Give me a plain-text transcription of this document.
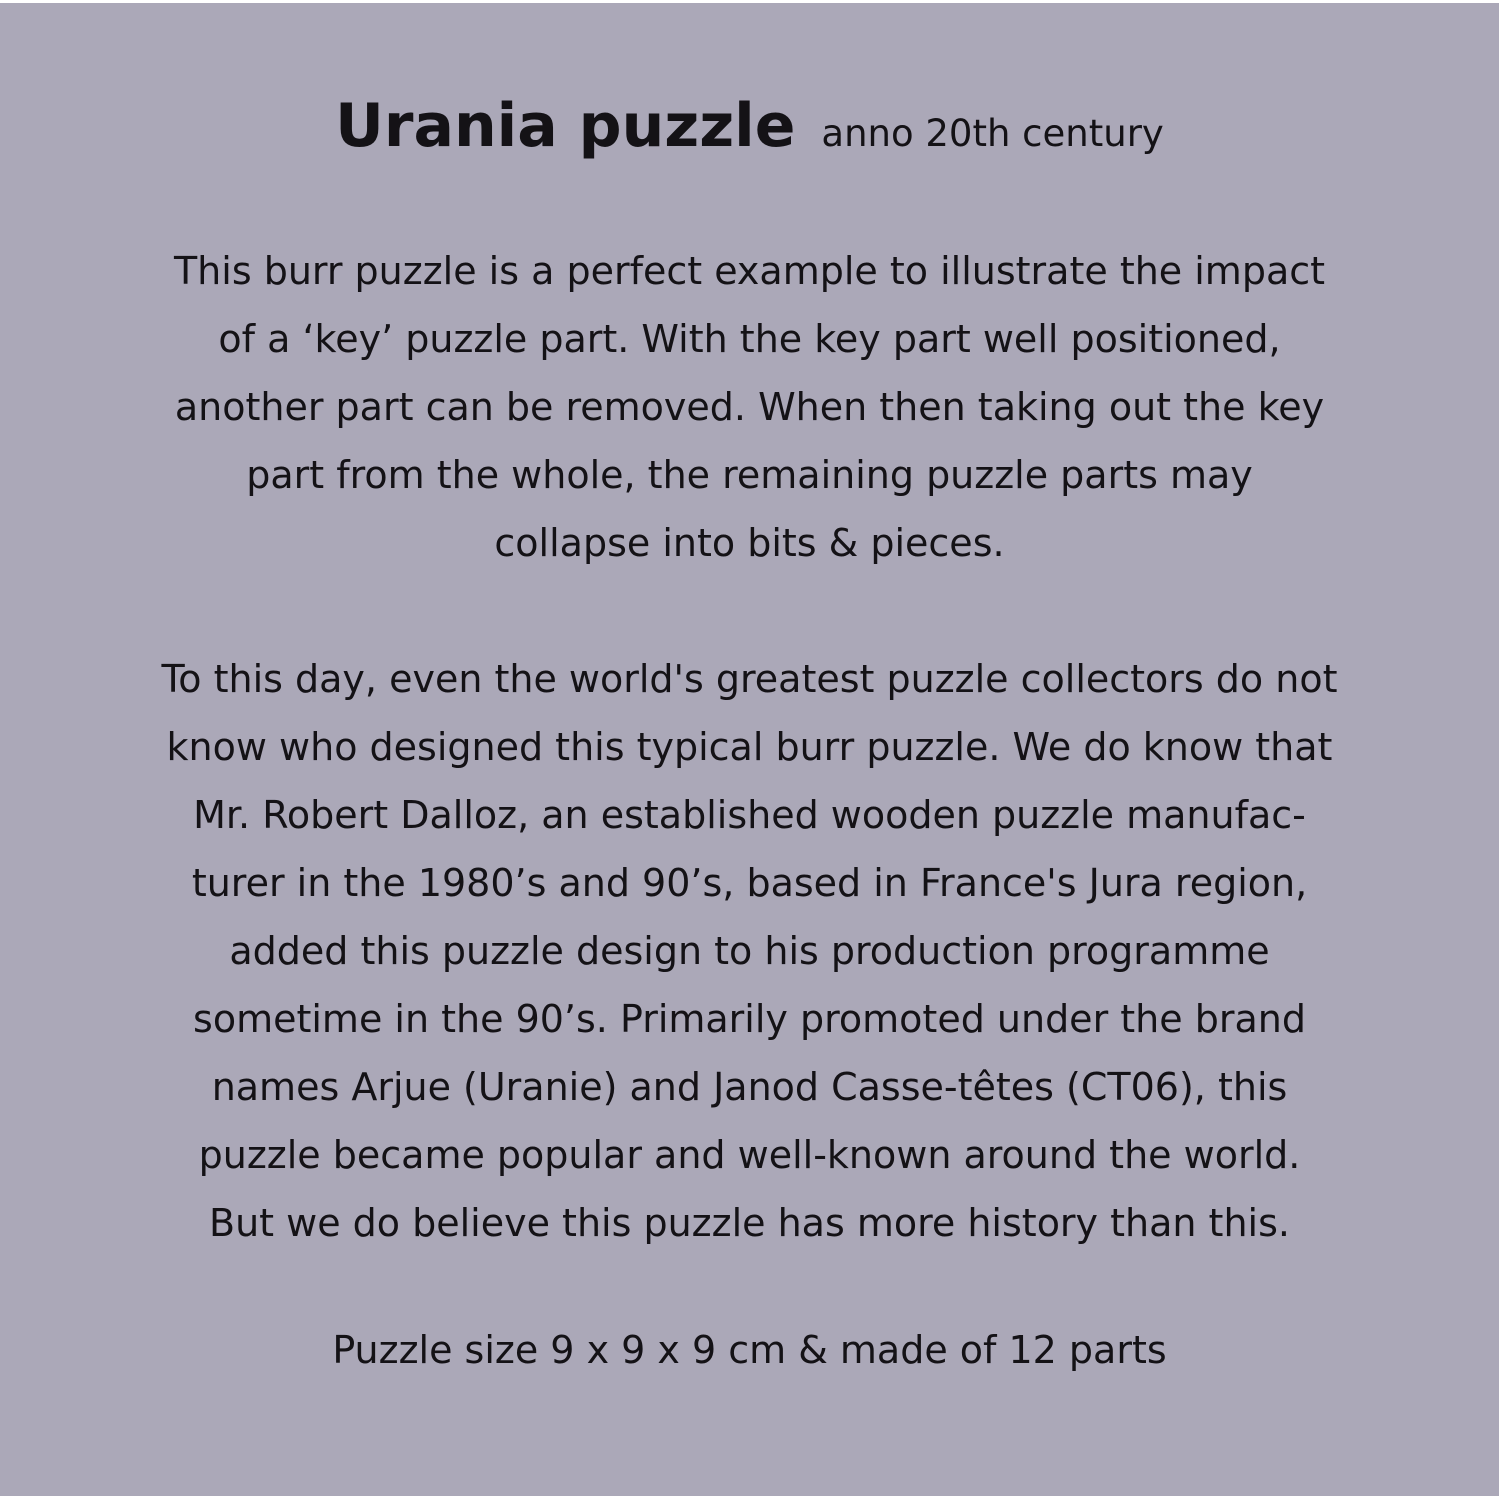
Urania puzzle anno 20th century
This burr puzzle is a perfect example to illustrate the impact
of a ‘key’ puzzle part. With the key part well positioned,
another part can be removed. When then taking out the key
part from the whole, the remaining puzzle parts may
collapse into bits & pieces.
To this day, even the world's greatest puzzle collectors do not
know who designed this typical burr puzzle. We do know that
Mr. Robert Dalloz, an established wooden puzzle manufac-
turer in the 1980’s and 90’s, based in France's Jura region,
added this puzzle design to his production programme
sometime in the 90’s. Primarily promoted under the brand
names Arjue (Uranie) and Janod Casse-têtes (CT06), this
puzzle became popular and well-known around the world.
But we do believe this puzzle has more history than this.
Puzzle size 9 x 9 x 9 cm & made of 12 parts
